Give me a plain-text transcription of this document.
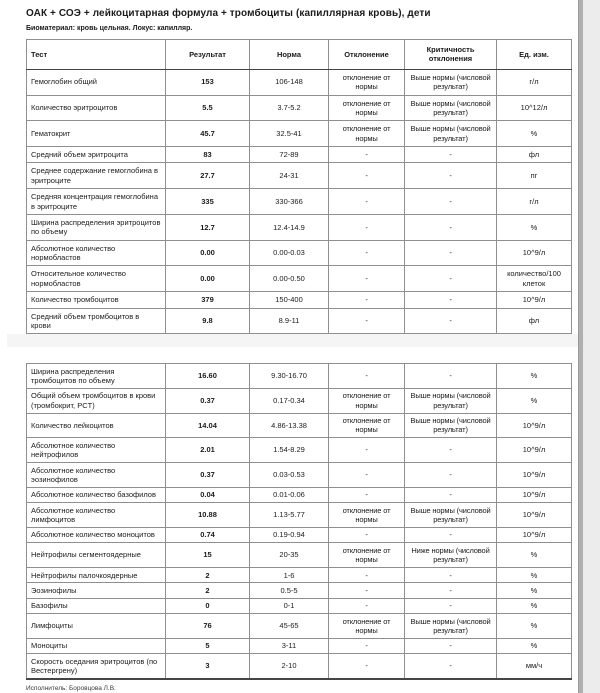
ОАК + СОЭ + лейкоцитарная формула + тромбоциты (капиллярная кровь), дети
Биоматериал: кровь цельная. Локус: капилляр.
Тест	Результат	Норма	Отклонение	Критичность отклонения	Ед. изм.
Гемоглобин общий	153	106-148	отклонение от нормы	Выше нормы (числовой результат)	г/л
Количество эритроцитов	5.5	3.7-5.2	отклонение от нормы	Выше нормы (числовой результат)	10^12/л
Гематокрит	45.7	32.5-41	отклонение от нормы	Выше нормы (числовой результат)	%
Средний объем эритроцита	83	72-89	-	-	фл
Среднее содержание гемоглобина в эритроците	27.7	24-31	-	-	пг
Средняя концентрация гемоглобина в эритроците	335	330-366	-	-	г/л
Ширина распределения эритроцитов по объему	12.7	12.4-14.9	-	-	%
Абсолютное количество нормобластов	0.00	0.00-0.03	-	-	10^9/л
Относительное количество нормобластов	0.00	0.00-0.50	-	-	количество/100 клеток
Количество тромбоцитов	379	150-400	-	-	10^9/л
Средний объем тромбоцитов в крови	9.8	8.9-11	-	-	фл
Ширина распределения тромбоцитов по объему	16.60	9.30-16.70	-	-	%
Общий объем тромбоцитов в крови (тромбокрит, PCT)	0.37	0.17-0.34	отклонение от нормы	Выше нормы (числовой результат)	%
Количество лейкоцитов	14.04	4.86-13.38	отклонение от нормы	Выше нормы (числовой результат)	10^9/л
Абсолютное количество нейтрофилов	2.01	1.54-8.29	-	-	10^9/л
Абсолютное количество эозинофилов	0.37	0.03-0.53	-	-	10^9/л
Абсолютное количество базофилов	0.04	0.01-0.06	-	-	10^9/л
Абсолютное количество лимфоцитов	10.88	1.13-5.77	отклонение от нормы	Выше нормы (числовой результат)	10^9/л
Абсолютное количество моноцитов	0.74	0.19-0.94	-	-	10^9/л
Нейтрофилы сегментоядерные	15	20-35	отклонение от нормы	Ниже нормы (числовой результат)	%
Нейтрофилы палочкоядерные	2	1-6	-	-	%
Эозинофилы	2	0.5-5	-	-	%
Базофилы	0	0-1	-	-	%
Лимфоциты	76	45-65	отклонение от нормы	Выше нормы (числовой результат)	%
Моноциты	5	3-11	-	-	%
Скорость оседания эритроцитов (по Вестергрену)	3	2-10	-	-	мм/ч
Исполнитель: Боровцова Л.В.
